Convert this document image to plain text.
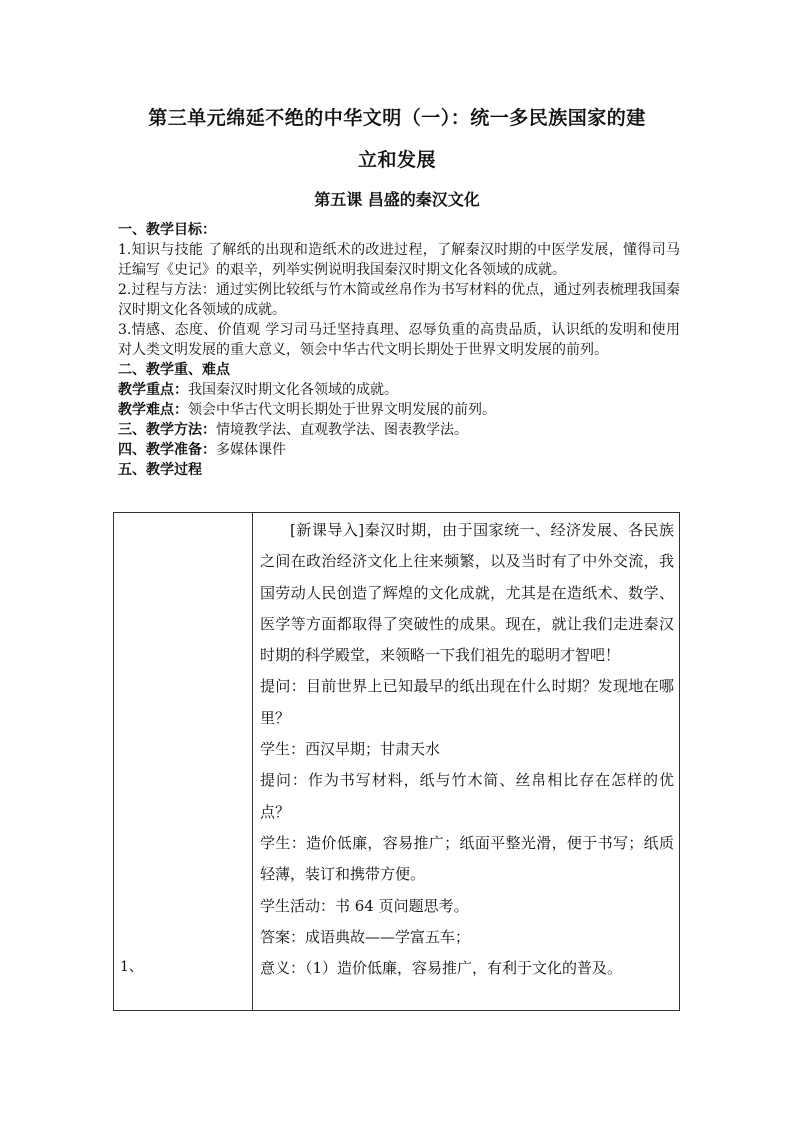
第三单元绵延不绝的中华文明（一）：统一多民族国家的建
立和发展
第五课 昌盛的秦汉文化

一、教学目标：

1.知识与技能 了解纸的出现和造纸术的改进过程，了解秦汉时期的中医学发展，懂得司马迁编写《史记》的艰辛，列举实例说明我国秦汉时期文化各领域的成就。

2.过程与方法：通过实例比较纸与竹木简或丝帛作为书写材料的优点，通过列表梳理我国秦汉时期文化各领域的成就。

3.情感、态度、价值观 学习司马迁坚持真理、忍辱负重的高贵品质，认识纸的发明和使用对人类文明发展的重大意义，领会中华古代文明长期处于世界文明发展的前列。

二、教学重、难点

教学重点：我国秦汉时期文化各领域的成就。

教学难点：领会中华古代文明长期处于世界文明发展的前列。

三、教学方法：情境教学法、直观教学法、图表教学法。

四、教学准备：多媒体课件

五、教学过程

1、

[新课导入]秦汉时期，由于国家统一、经济发展、各民族之间在政治经济文化上往来频繁，以及当时有了中外交流，我国劳动人民创造了辉煌的文化成就，尤其是在造纸术、数学、医学等方面都取得了突破性的成果。现在，就让我们走进秦汉时期的科学殿堂，来领略一下我们祖先的聪明才智吧！

提问：目前世界上已知最早的纸出现在什么时期？发现地在哪里？

学生：西汉早期；甘肃天水

提问：作为书写材料，纸与竹木简、丝帛相比存在怎样的优点？

学生：造价低廉，容易推广；纸面平整光滑，便于书写；纸质轻薄，装订和携带方便。

学生活动：书 64 页问题思考。

答案：成语典故——学富五车；

意义：（1）造价低廉，容易推广，有利于文化的普及。
